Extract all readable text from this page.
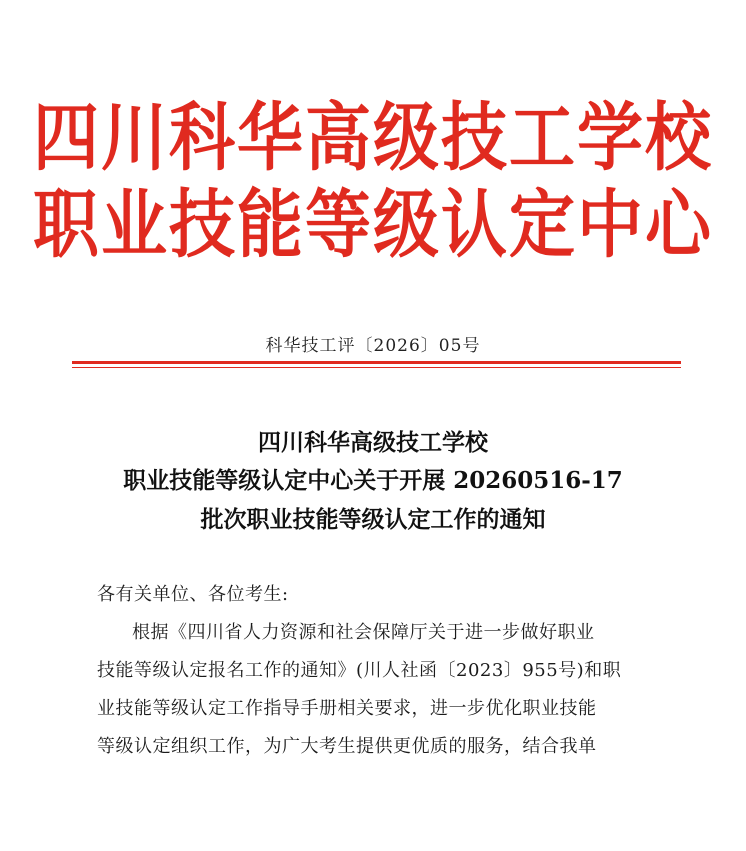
四川科华高级技工学校
职业技能等级认定中心
科华技工评〔2026〕05号
四川科华高级技工学校
职业技能等级认定中心关于开展 20260516-17
批次职业技能等级认定工作的通知
各有关单位、各位考生:
根据《四川省人力资源和社会保障厅关于进一步做好职业
技能等级认定报名工作的通知》(川人社函〔2023〕955号)和职
业技能等级认定工作指导手册相关要求，进一步优化职业技能
等级认定组织工作，为广大考生提供更优质的服务，结合我单
